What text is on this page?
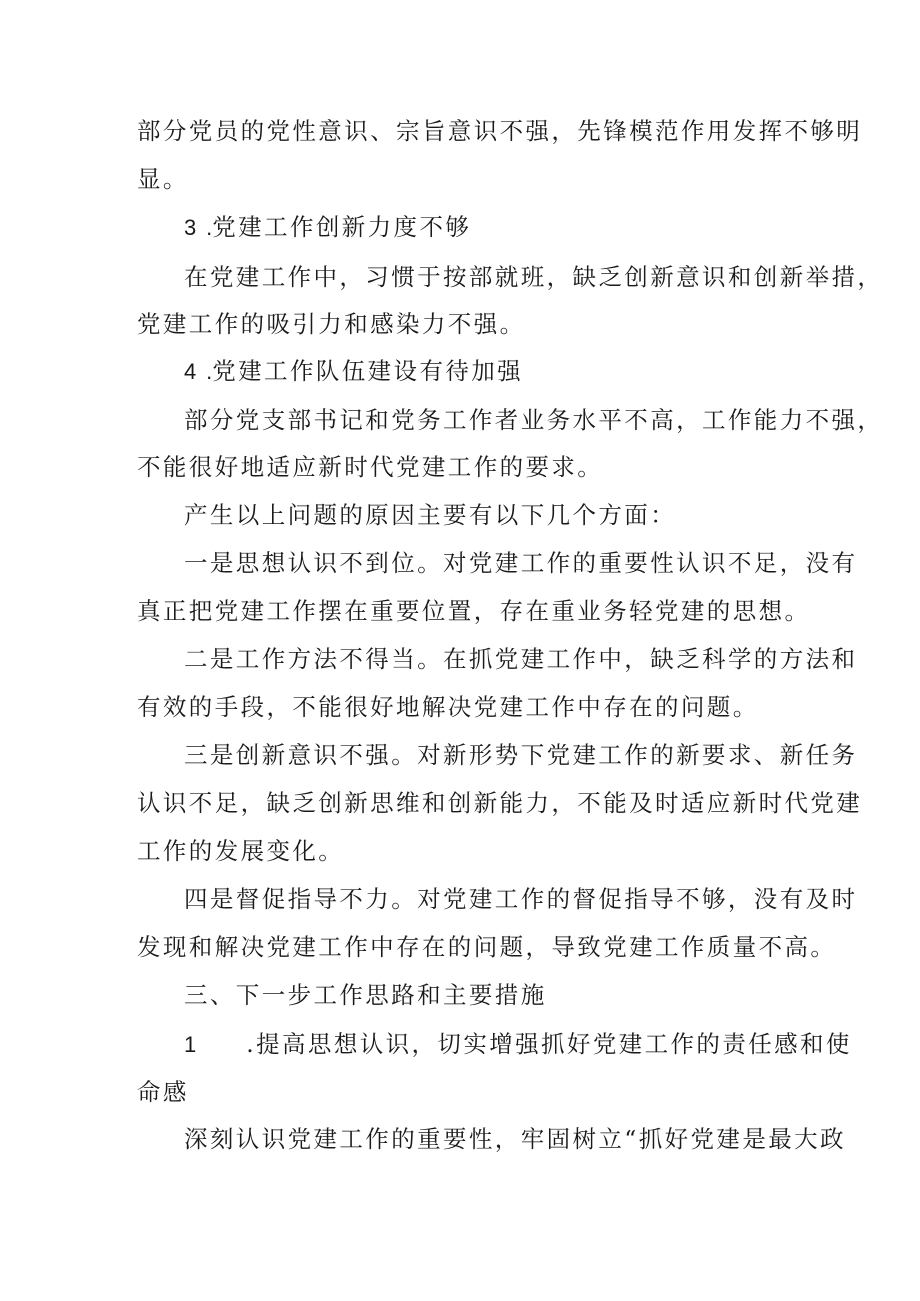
部分党员的党性意识、宗旨意识不强，先锋模范作用发挥不够明
显。
3 .党建工作创新力度不够
在党建工作中，习惯于按部就班，缺乏创新意识和创新举措，
党建工作的吸引力和感染力不强。
4 .党建工作队伍建设有待加强
部分党支部书记和党务工作者业务水平不高，工作能力不强，
不能很好地适应新时代党建工作的要求。
产生以上问题的原因主要有以下几个方面：
一是思想认识不到位。对党建工作的重要性认识不足，没有
真正把党建工作摆在重要位置，存在重业务轻党建的思想。
二是工作方法不得当。在抓党建工作中，缺乏科学的方法和
有效的手段，不能很好地解决党建工作中存在的问题。
三是创新意识不强。对新形势下党建工作的新要求、新任务
认识不足，缺乏创新思维和创新能力，不能及时适应新时代党建
工作的发展变化。
四是督促指导不力。对党建工作的督促指导不够，没有及时
发现和解决党建工作中存在的问题，导致党建工作质量不高。
三、下一步工作思路和主要措施
1 .提高思想认识，切实增强抓好党建工作的责任感和使
命感
深刻认识党建工作的重要性，牢固树立“抓好党建是最大政
